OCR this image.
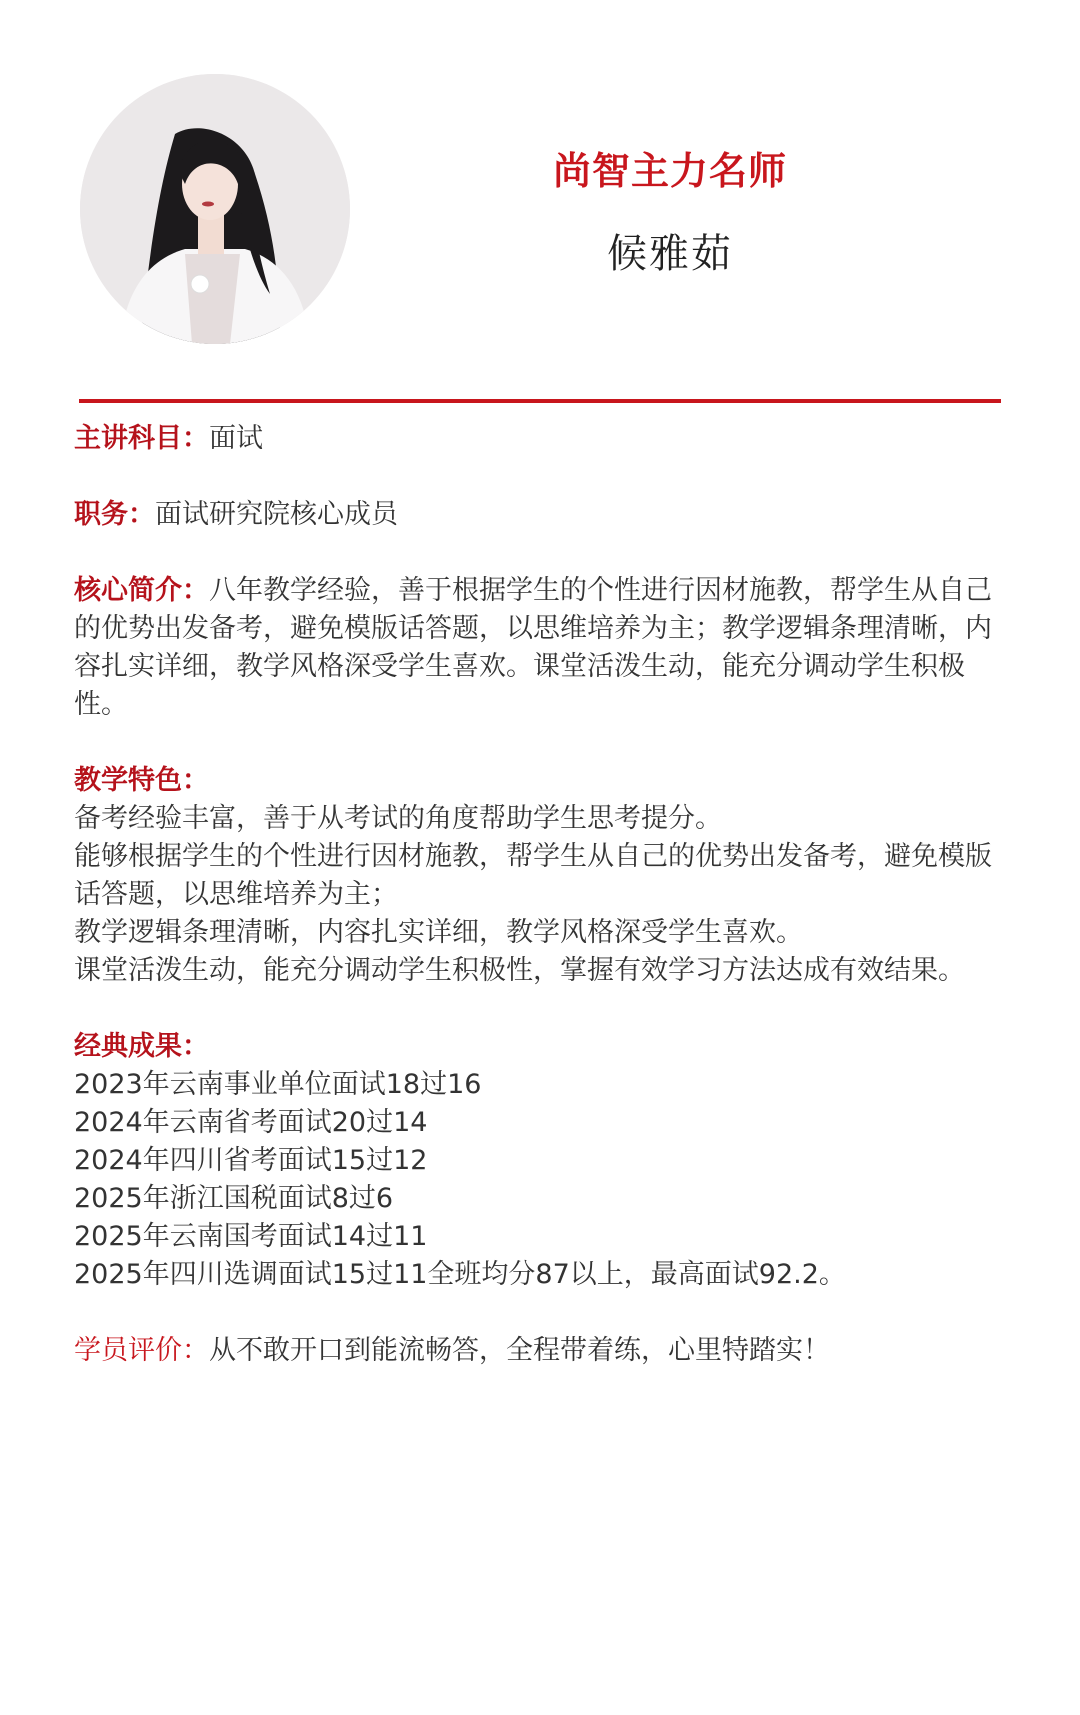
尚智主力名师
候雅茹
主讲科目：面试
职务：面试研究院核心成员
核心简介：八年教学经验，善于根据学生的个性进行因材施教，帮学生从自己的优势出发备考，避免模版话答题，以思维培养为主；教学逻辑条理清晰，内容扎实详细，教学风格深受学生喜欢。课堂活泼生动，能充分调动学生积极性。
教学特色：
备考经验丰富，善于从考试的角度帮助学生思考提分。
能够根据学生的个性进行因材施教，帮学生从自己的优势出发备考，避免模版话答题，以思维培养为主；
教学逻辑条理清晰，内容扎实详细，教学风格深受学生喜欢。
课堂活泼生动，能充分调动学生积极性，掌握有效学习方法达成有效结果。
经典成果：
2023年云南事业单位面试18过16
2024年云南省考面试20过14
2024年四川省考面试15过12
2025年浙江国税面试8过6
2025年云南国考面试14过11
2025年四川选调面试15过11全班均分87以上，最高面试92.2。
学员评价：从不敢开口到能流畅答，全程带着练，心里特踏实！
